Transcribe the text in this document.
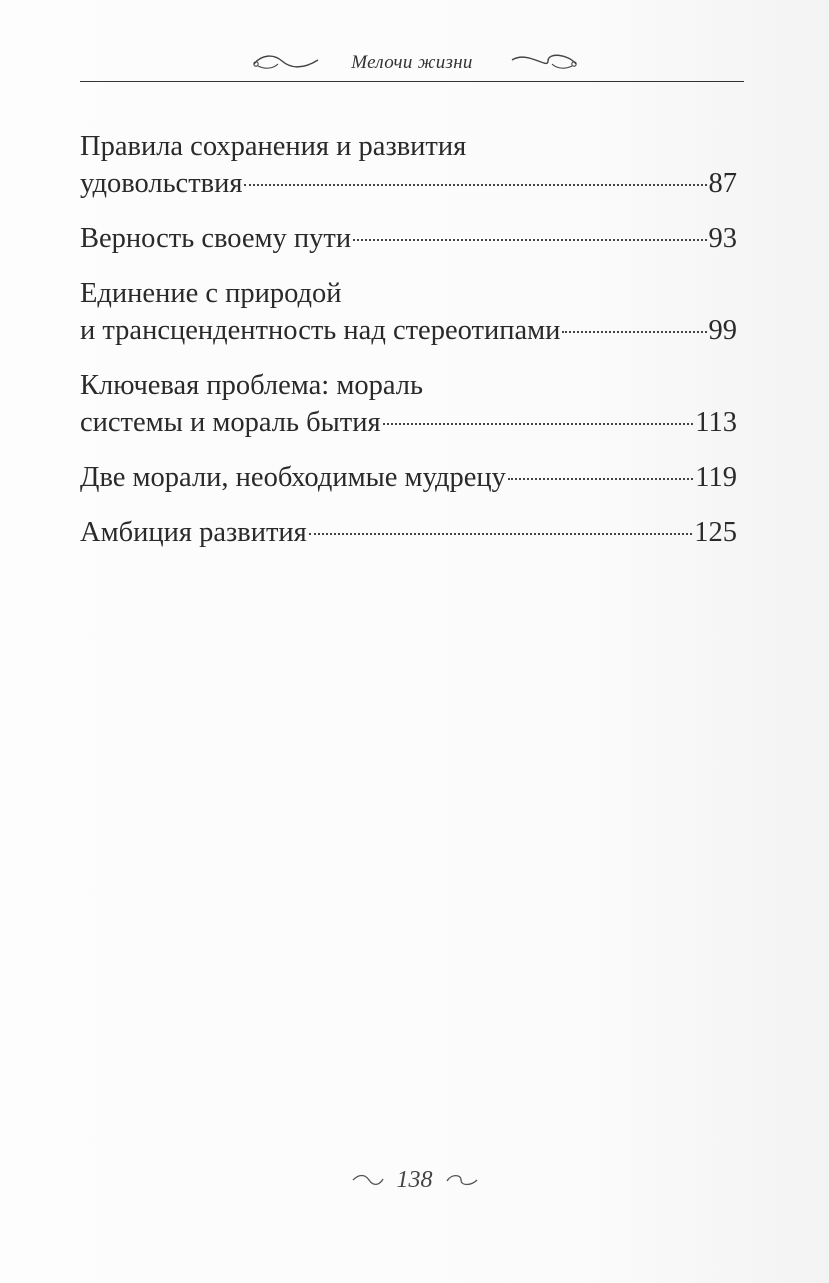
Мелочи жизни
Правила сохранения и развития
удовольствия	87
Верность своему пути	93
Единение с природой
и трансцендентность над стереотипами	99
Ключевая проблема: мораль
системы и мораль бытия	113
Две морали, необходимые мудрецу	119
Амбиция развития	125
138
